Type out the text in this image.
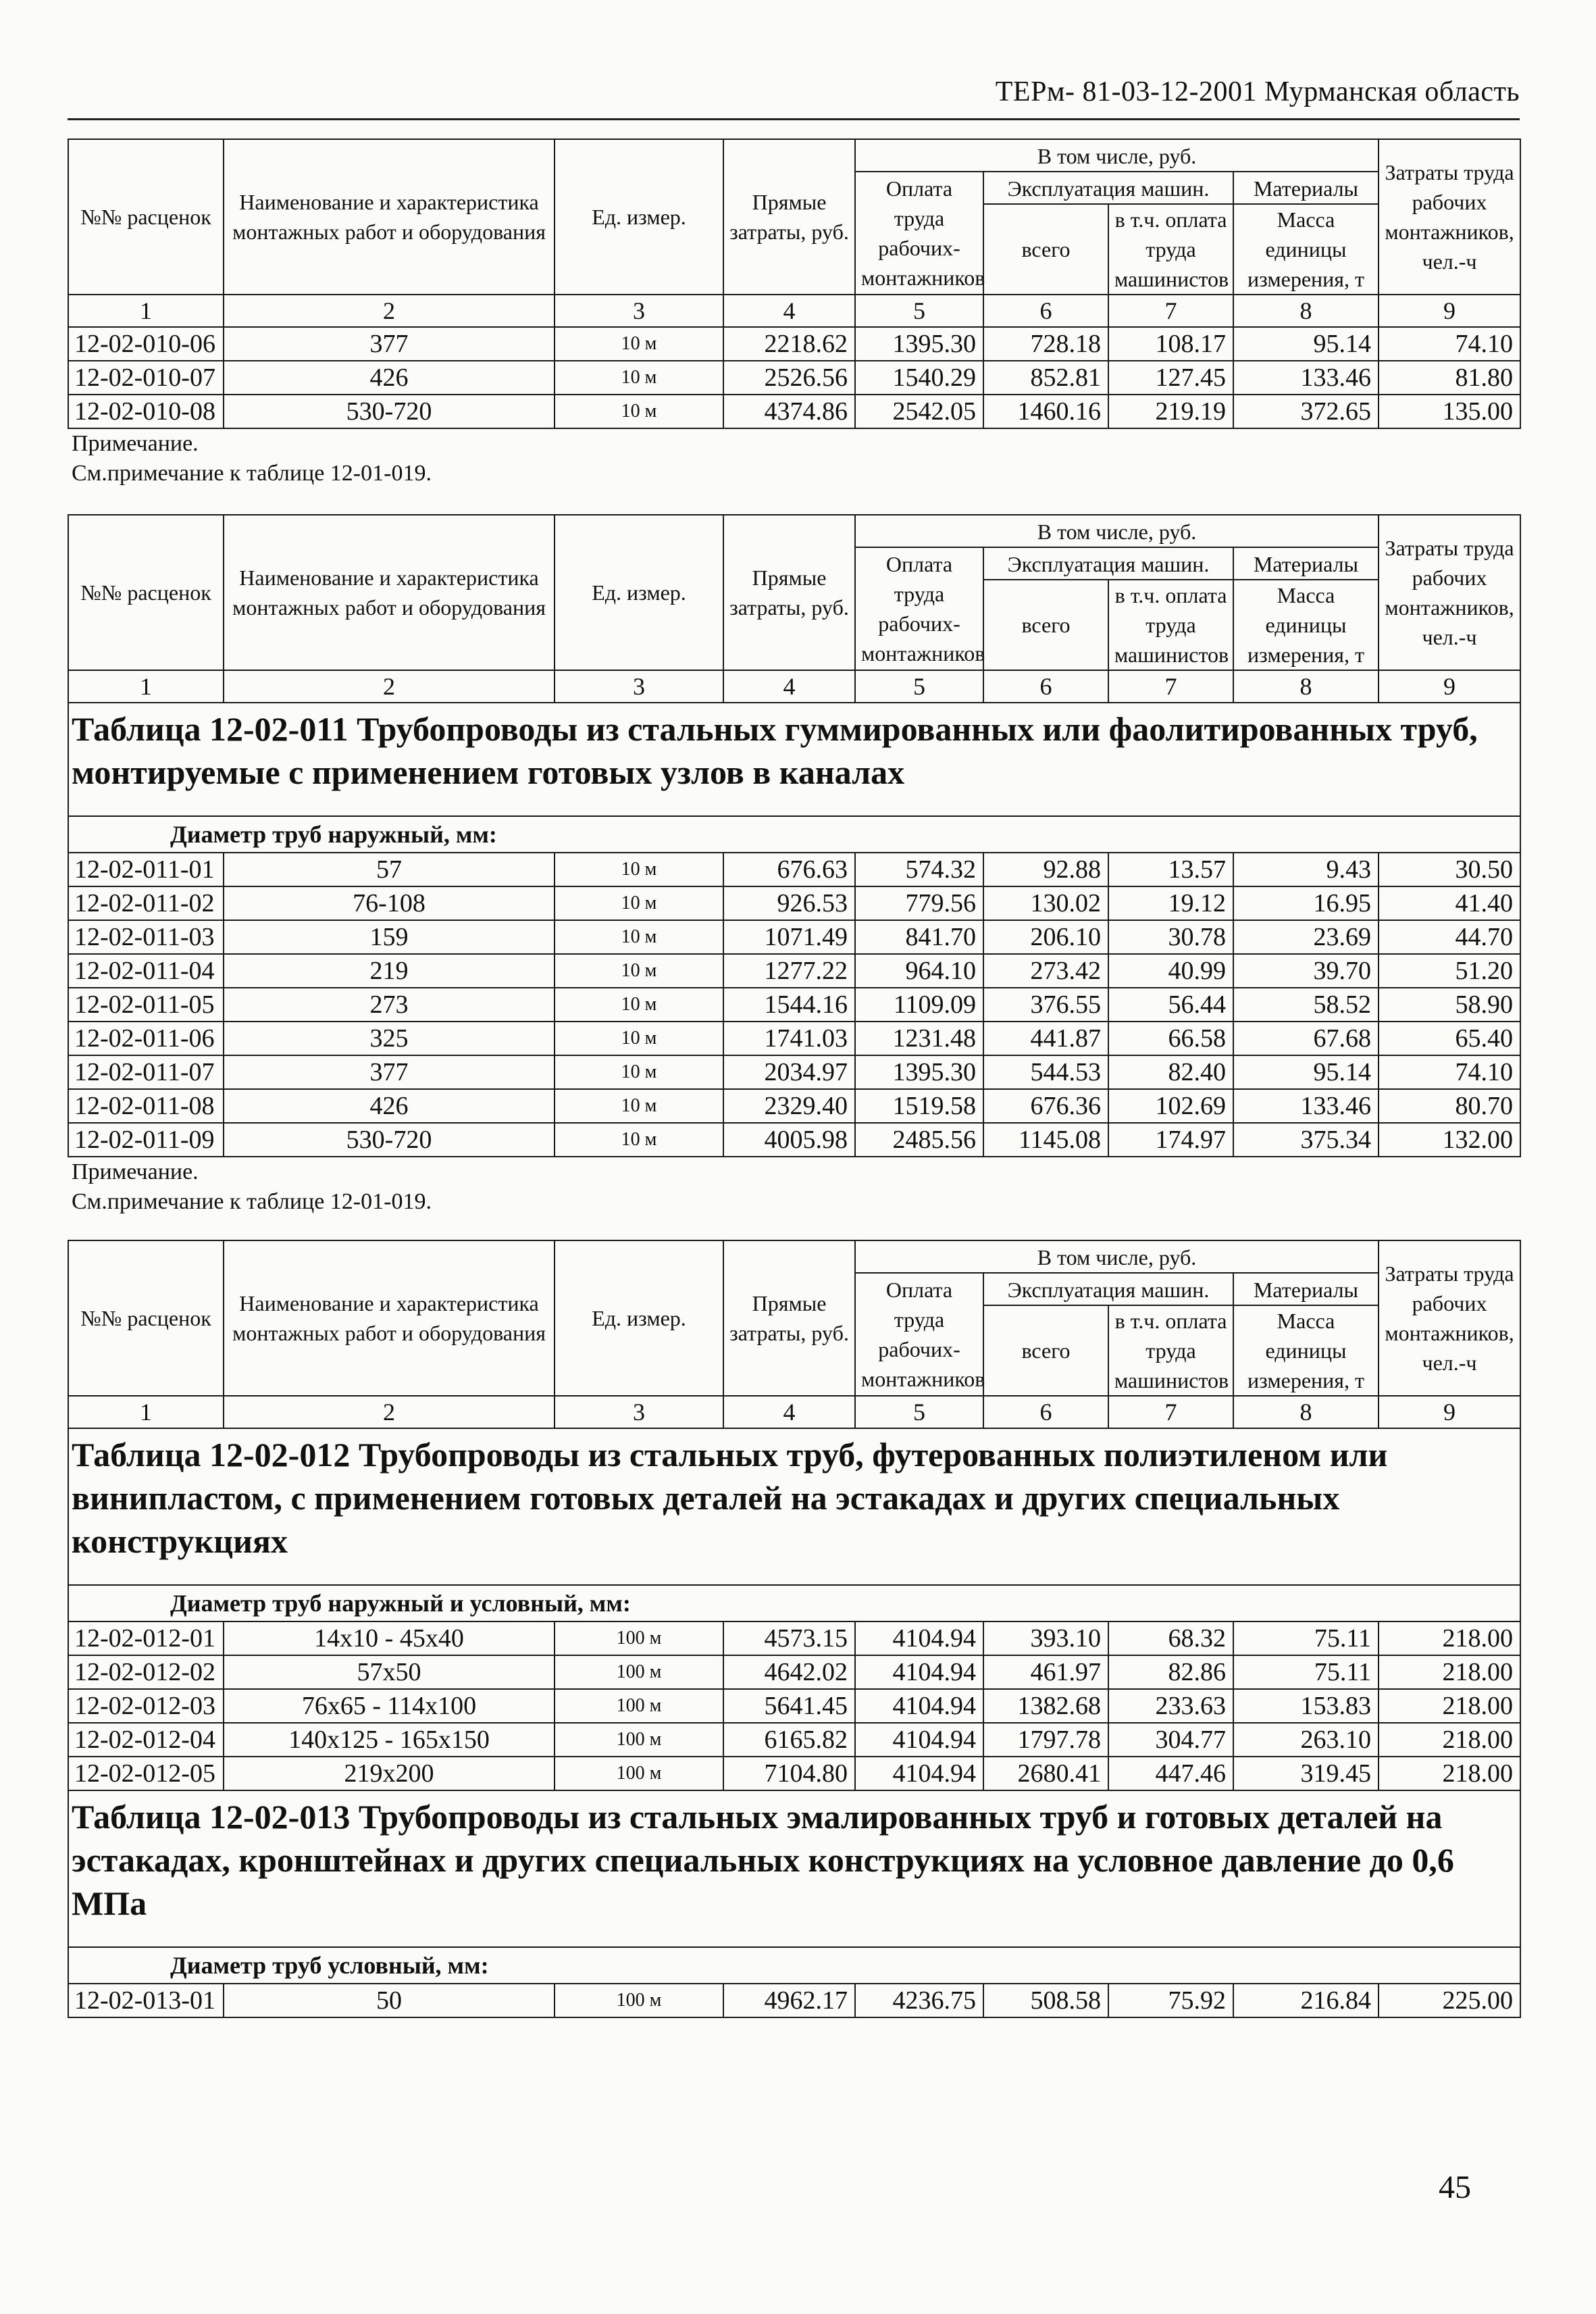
ТЕРм- 81-03-12-2001 Мурманская область
№№ расценок	Наименование и характеристика монтажных работ и оборудования	Ед. измер.	Прямые затраты, руб.	В том числе, руб.				Затраты труда рабочих монтажников, чел.-ч
				Оплата труда рабочих-монтажников	Эксплуатация машин.		Материалы	
					всего	в т.ч. оплата труда машинистов	Масса единицы измерения, т	
1	2	3	4	5	6	7	8	9
12-02-010-06	377	10 м	2218.62	1395.30	728.18	108.17	95.14	74.10
12-02-010-07	426	10 м	2526.56	1540.29	852.81	127.45	133.46	81.80
12-02-010-08	530-720	10 м	4374.86	2542.05	1460.16	219.19	372.65	135.00
Примечание.
См.примечание к таблице 12-01-019.
№№ расценок	Наименование и характеристика монтажных работ и оборудования	Ед. измер.	Прямые затраты, руб.	В том числе, руб.				Затраты труда рабочих монтажников, чел.-ч
				Оплата труда рабочих-монтажников	Эксплуатация машин.		Материалы	
					всего	в т.ч. оплата труда машинистов	Масса единицы измерения, т	
1	2	3	4	5	6	7	8	9
Таблица 12-02-011 Трубопроводы из стальных гуммированных или фаолитированных труб, монтируемые с применением готовых узлов в каналах								
Диаметр труб наружный, мм:								
12-02-011-01	57	10 м	676.63	574.32	92.88	13.57	9.43	30.50
12-02-011-02	76-108	10 м	926.53	779.56	130.02	19.12	16.95	41.40
12-02-011-03	159	10 м	1071.49	841.70	206.10	30.78	23.69	44.70
12-02-011-04	219	10 м	1277.22	964.10	273.42	40.99	39.70	51.20
12-02-011-05	273	10 м	1544.16	1109.09	376.55	56.44	58.52	58.90
12-02-011-06	325	10 м	1741.03	1231.48	441.87	66.58	67.68	65.40
12-02-011-07	377	10 м	2034.97	1395.30	544.53	82.40	95.14	74.10
12-02-011-08	426	10 м	2329.40	1519.58	676.36	102.69	133.46	80.70
12-02-011-09	530-720	10 м	4005.98	2485.56	1145.08	174.97	375.34	132.00
Примечание.
См.примечание к таблице 12-01-019.
№№ расценок	Наименование и характеристика монтажных работ и оборудования	Ед. измер.	Прямые затраты, руб.	В том числе, руб.				Затраты труда рабочих монтажников, чел.-ч
				Оплата труда рабочих-монтажников	Эксплуатация машин.		Материалы	
					всего	в т.ч. оплата труда машинистов	Масса единицы измерения, т	
1	2	3	4	5	6	7	8	9
Таблица 12-02-012 Трубопроводы из стальных труб, футерованных полиэтиленом или винипластом, с применением готовых деталей на эстакадах и других специальных конструкциях								
Диаметр труб наружный и условный, мм:								
12-02-012-01	14x10 - 45x40	100 м	4573.15	4104.94	393.10	68.32	75.11	218.00
12-02-012-02	57x50	100 м	4642.02	4104.94	461.97	82.86	75.11	218.00
12-02-012-03	76x65 - 114x100	100 м	5641.45	4104.94	1382.68	233.63	153.83	218.00
12-02-012-04	140x125 - 165x150	100 м	6165.82	4104.94	1797.78	304.77	263.10	218.00
12-02-012-05	219x200	100 м	7104.80	4104.94	2680.41	447.46	319.45	218.00
Таблица 12-02-013 Трубопроводы из стальных эмалированных труб и готовых деталей на эстакадах, кронштейнах и других специальных конструкциях на условное давление до 0,6 МПа								
Диаметр труб условный, мм:								
12-02-013-01	50	100 м	4962.17	4236.75	508.58	75.92	216.84	225.00
45
